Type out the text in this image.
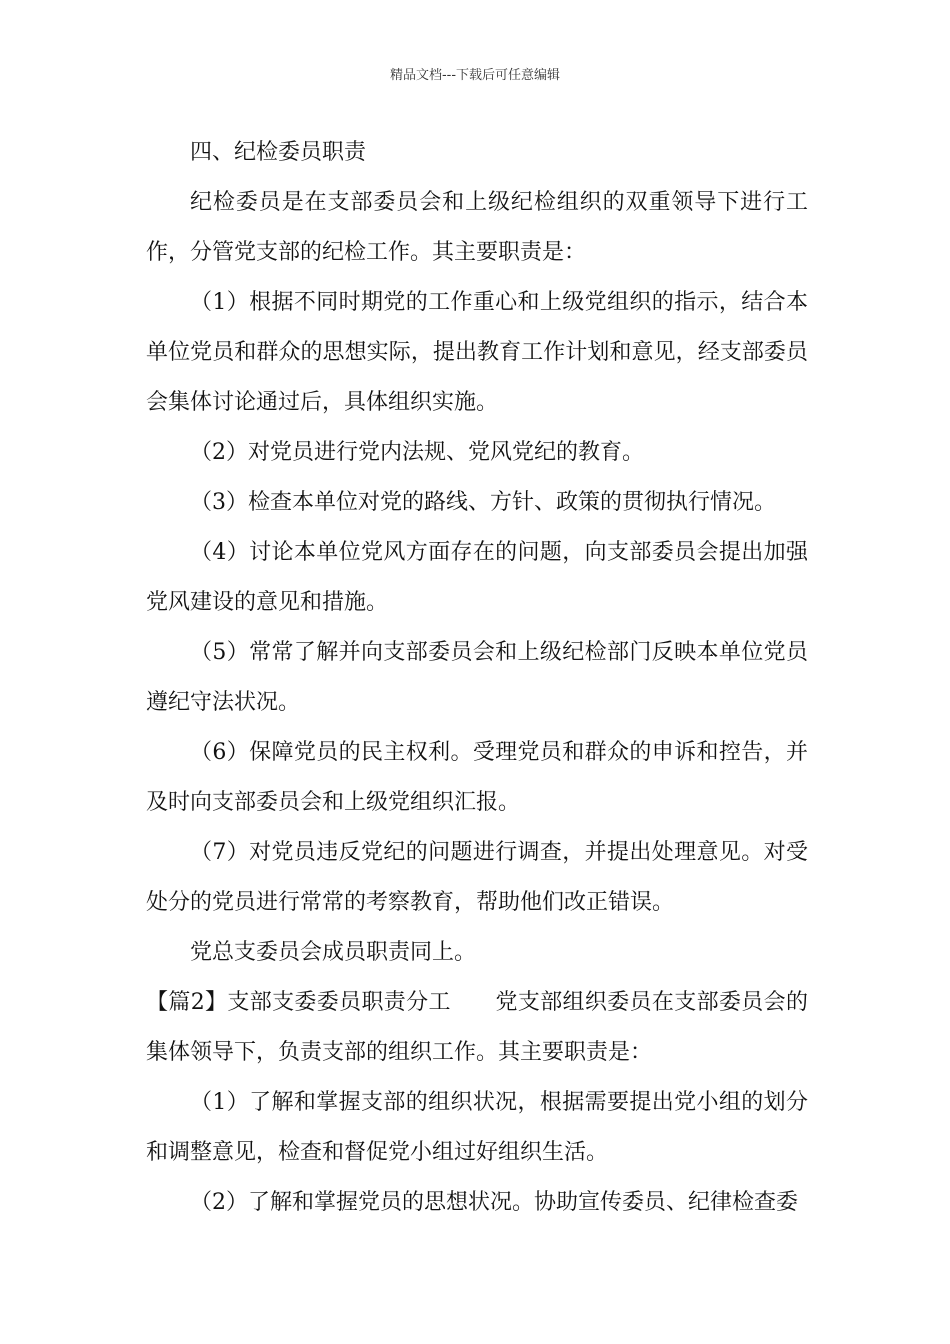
精品文档---下载后可任意编辑

四、纪检委员职责

纪检委员是在支部委员会和上级纪检组织的双重领导下进行工作，分管党支部的纪检工作。其主要职责是：

（1）根据不同时期党的工作重心和上级党组织的指示，结合本单位党员和群众的思想实际，提出教育工作计划和意见，经支部委员会集体讨论通过后，具体组织实施。

（2）对党员进行党内法规、党风党纪的教育。

（3）检查本单位对党的路线、方针、政策的贯彻执行情况。

（4）讨论本单位党风方面存在的问题，向支部委员会提出加强党风建设的意见和措施。

（5）常常了解并向支部委员会和上级纪检部门反映本单位党员遵纪守法状况。

（6）保障党员的民主权利。受理党员和群众的申诉和控告，并及时向支部委员会和上级党组织汇报。

（7）对党员违反党纪的问题进行调查，并提出处理意见。对受处分的党员进行常常的考察教育，帮助他们改正错误。

党总支委员会成员职责同上。

【篇2】支部支委委员职责分工　　党支部组织委员在支部委员会的集体领导下，负责支部的组织工作。其主要职责是：

（1）了解和掌握支部的组织状况，根据需要提出党小组的划分和调整意见，检查和督促党小组过好组织生活。

（2）了解和掌握党员的思想状况。协助宣传委员、纪律检查委
